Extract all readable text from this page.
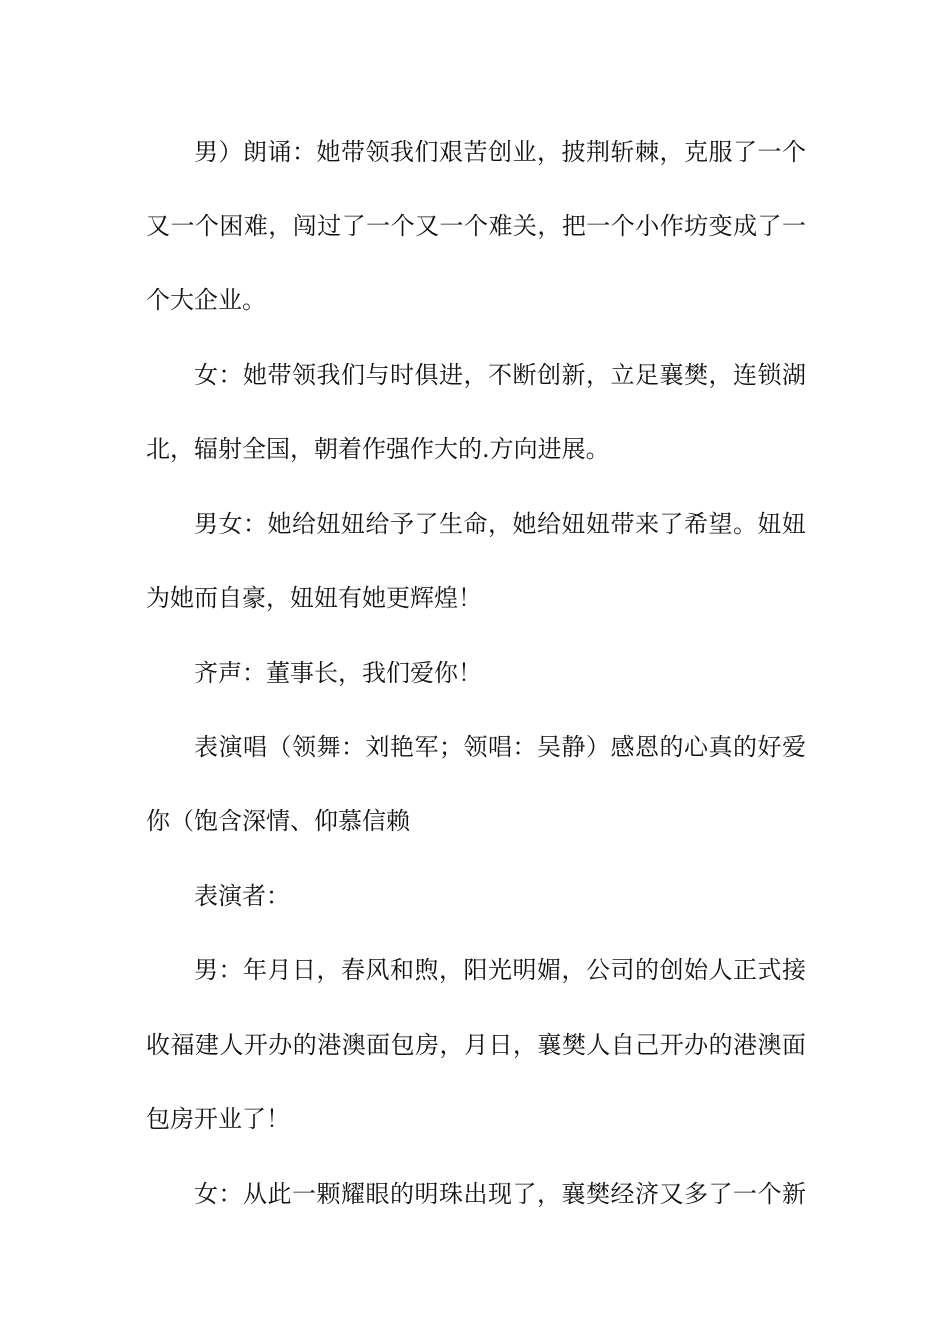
男）朗诵：她带领我们艰苦创业，披荆斩棘，克服了一个
又一个困难，闯过了一个又一个难关，把一个小作坊变成了一
个大企业。
女：她带领我们与时俱进，不断创新，立足襄樊，连锁湖
北，辐射全国，朝着作强作大的.方向进展。
男女：她给妞妞给予了生命，她给妞妞带来了希望。妞妞
为她而自豪，妞妞有她更辉煌！
齐声：董事长，我们爱你！
表演唱（领舞：刘艳军；领唱：吴静）感恩的心真的好爱
你（饱含深情、仰慕信赖
表演者：
男：年月日，春风和煦，阳光明媚，公司的创始人正式接
收福建人开办的港澳面包房，月日，襄樊人自己开办的港澳面
包房开业了！
女：从此一颗耀眼的明珠出现了，襄樊经济又多了一个新
